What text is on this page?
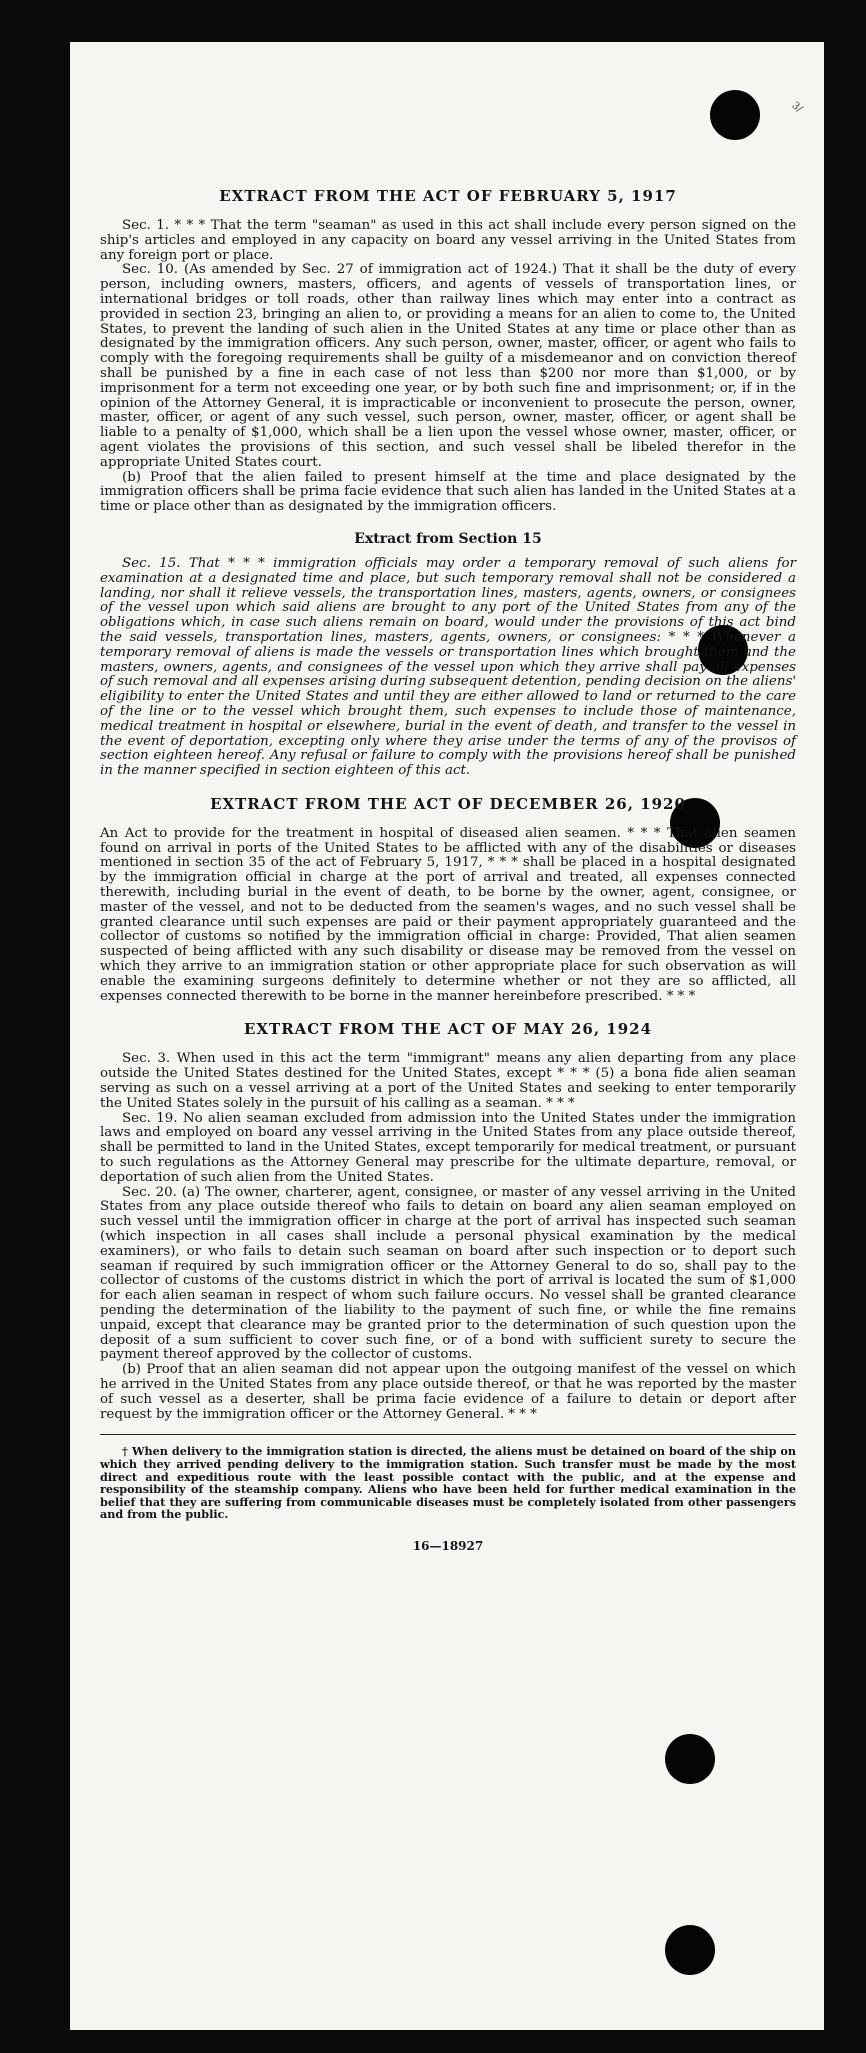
3/
EXTRACT FROM THE ACT OF FEBRUARY 5, 1917

Sec. 1. * * * That the term "seaman" as used in this act shall include every person signed on the ship's articles and employed in any capacity on board any vessel arriving in the United States from any foreign port or place.

Sec. 10. (As amended by Sec. 27 of immigration act of 1924.) That it shall be the duty of every person, including owners, masters, officers, and agents of vessels of transportation lines, or international bridges or toll roads, other than railway lines which may enter into a contract as provided in section 23, bringing an alien to, or providing a means for an alien to come to, the United States, to prevent the landing of such alien in the United States at any time or place other than as designated by the immigration officers. Any such person, owner, master, officer, or agent who fails to comply with the foregoing requirements shall be guilty of a misdemeanor and on conviction thereof shall be punished by a fine in each case of not less than $200 nor more than $1,000, or by imprisonment for a term not exceeding one year, or by both such fine and imprisonment; or, if in the opinion of the Attorney General, it is impracticable or inconvenient to prosecute the person, owner, master, officer, or agent of any such vessel, such person, owner, master, officer, or agent shall be liable to a penalty of $1,000, which shall be a lien upon the vessel whose owner, master, officer, or agent violates the provisions of this section, and such vessel shall be libeled therefor in the appropriate United States court.

(b) Proof that the alien failed to present himself at the time and place designated by the immigration officers shall be prima facie evidence that such alien has landed in the United States at a time or place other than as designated by the immigration officers.

Extract from Section 15

Sec. 15. That * * * immigration officials may order a temporary removal of such aliens for examination at a designated time and place, but such temporary removal shall not be considered a landing, nor shall it relieve vessels, the transportation lines, masters, agents, owners, or consignees of the vessel upon which said aliens are brought to any port of the United States from any of the obligations which, in case such aliens remain on board, would under the provisions of this act bind the said vessels, transportation lines, masters, agents, owners, or consignees: * * * Whenever a temporary removal of aliens is made the vessels or transportation lines which brought them and the masters, owners, agents, and consignees of the vessel upon which they arrive shall pay all expenses of such removal and all expenses arising during subsequent detention, pending decision on the aliens' eligibility to enter the United States and until they are either allowed to land or returned to the care of the line or to the vessel which brought them, such expenses to include those of maintenance, medical treatment in hospital or elsewhere, burial in the event of death, and transfer to the vessel in the event of deportation, excepting only where they arise under the terms of any of the provisos of section eighteen hereof. Any refusal or failure to comply with the provisions hereof shall be punished in the manner specified in section eighteen of this act.

EXTRACT FROM THE ACT OF DECEMBER 26, 1920

An Act to provide for the treatment in hospital of diseased alien seamen. * * * That alien seamen found on arrival in ports of the United States to be afflicted with any of the disabilities or diseases mentioned in section 35 of the act of February 5, 1917, * * * shall be placed in a hospital designated by the immigration official in charge at the port of arrival and treated, all expenses connected therewith, including burial in the event of death, to be borne by the owner, agent, consignee, or master of the vessel, and not to be deducted from the seamen's wages, and no such vessel shall be granted clearance until such expenses are paid or their payment appropriately guaranteed and the collector of customs so notified by the immigration official in charge: Provided, That alien seamen suspected of being afflicted with any such disability or disease may be removed from the vessel on which they arrive to an immigration station or other appropriate place for such observation as will enable the examining surgeons definitely to determine whether or not they are so afflicted, all expenses connected therewith to be borne in the manner hereinbefore prescribed. * * *

EXTRACT FROM THE ACT OF MAY 26, 1924

Sec. 3. When used in this act the term "immigrant" means any alien departing from any place outside the United States destined for the United States, except * * * (5) a bona fide alien seaman serving as such on a vessel arriving at a port of the United States and seeking to enter temporarily the United States solely in the pursuit of his calling as a seaman. * * *

Sec. 19. No alien seaman excluded from admission into the United States under the immigration laws and employed on board any vessel arriving in the United States from any place outside thereof, shall be permitted to land in the United States, except temporarily for medical treatment, or pursuant to such regulations as the Attorney General may prescribe for the ultimate departure, removal, or deportation of such alien from the United States.

Sec. 20. (a) The owner, charterer, agent, consignee, or master of any vessel arriving in the United States from any place outside thereof who fails to detain on board any alien seaman employed on such vessel until the immigration officer in charge at the port of arrival has inspected such seaman (which inspection in all cases shall include a personal physical examination by the medical examiners), or who fails to detain such seaman on board after such inspection or to deport such seaman if required by such immigration officer or the Attorney General to do so, shall pay to the collector of customs of the customs district in which the port of arrival is located the sum of $1,000 for each alien seaman in respect of whom such failure occurs. No vessel shall be granted clearance pending the determination of the liability to the payment of such fine, or while the fine remains unpaid, except that clearance may be granted prior to the determination of such question upon the deposit of a sum sufficient to cover such fine, or of a bond with sufficient surety to secure the payment thereof approved by the collector of customs.

(b) Proof that an alien seaman did not appear upon the outgoing manifest of the vessel on which he arrived in the United States from any place outside thereof, or that he was reported by the master of such vessel as a deserter, shall be prima facie evidence of a failure to detain or deport after request by the immigration officer or the Attorney General. * * *

† When delivery to the immigration station is directed, the aliens must be detained on board of the ship on which they arrived pending delivery to the immigration station. Such transfer must be made by the most direct and expeditious route with the least possible contact with the public, and at the expense and responsibility of the steamship company. Aliens who have been held for further medical examination in the belief that they are suffering from communicable diseases must be completely isolated from other passengers and from the public.

16—18927
